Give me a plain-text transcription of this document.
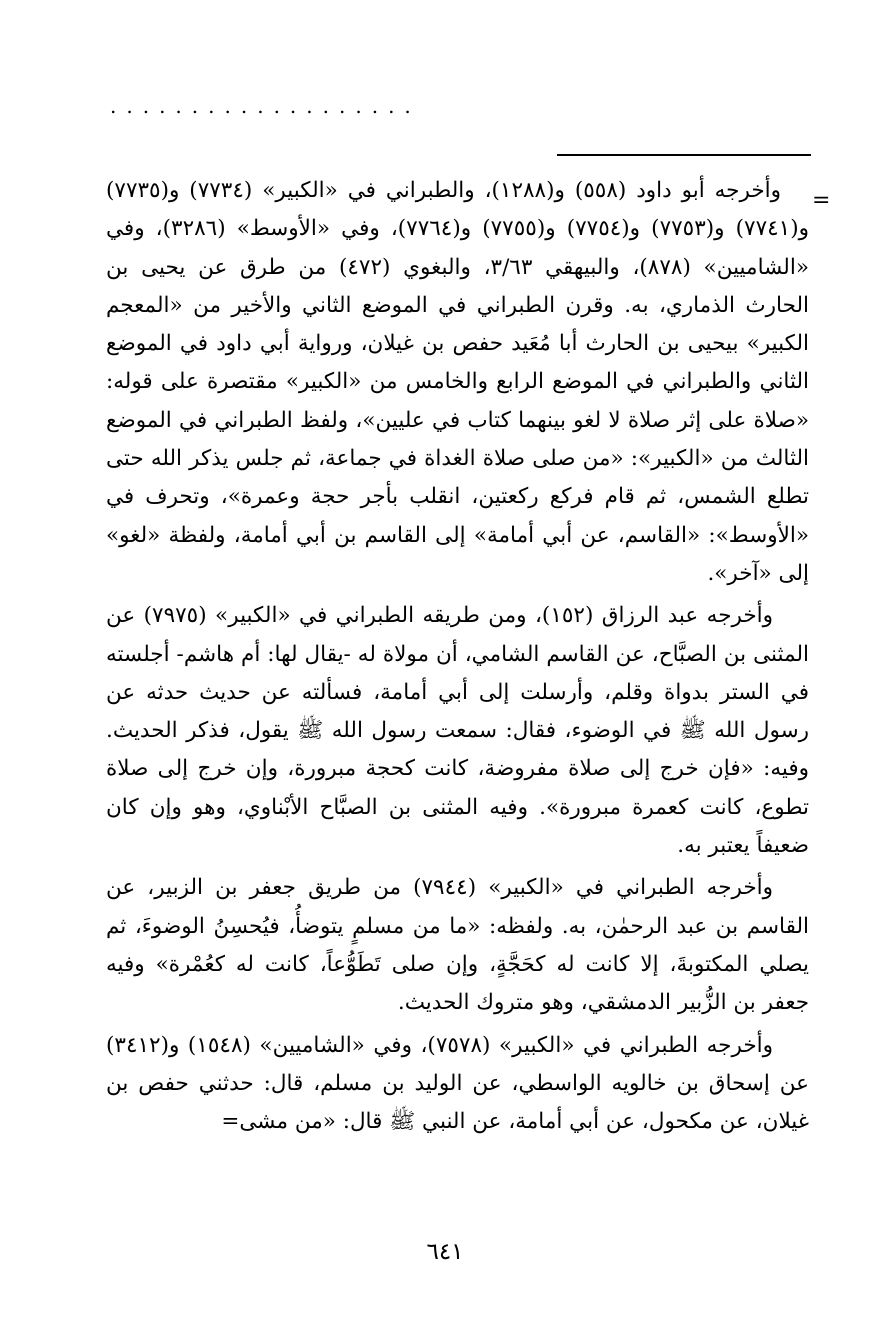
...................
=

وأخرجه أبو داود (٥٥٨) و(١٢٨٨)، والطبراني في «الكبير» (٧٧٣٤) و(٧٧٣٥) و(٧٧٤١) و(٧٧٥٣) و(٧٧٥٤) و(٧٧٥٥) و(٧٧٦٤)، وفي «الأوسط» (٣٢٨٦)، وفي «الشاميين» (٨٧٨)، والبيهقي ٣/٦٣، والبغوي (٤٧٢) من طرق عن يحيى بن الحارث الذماري، به. وقرن الطبراني في الموضع الثاني والأخير من «المعجم الكبير» بيحيى بن الحارث أبا مُعَيد حفص بن غيلان، ورواية أبي داود في الموضع الثاني والطبراني في الموضع الرابع والخامس من «الكبير» مقتصرة على قوله: «صلاة على إثر صلاة لا لغو بينهما كتاب في عليين»، ولفظ الطبراني في الموضع الثالث من «الكبير»: «من صلى صلاة الغداة في جماعة، ثم جلس يذكر الله حتى تطلع الشمس، ثم قام فركع ركعتين، انقلب بأجر حجة وعمرة»، وتحرف في «الأوسط»: «القاسم، عن أبي أمامة» إلى القاسم بن أبي أمامة، ولفظة «لغو» إلى «آخر».

وأخرجه عبد الرزاق (١٥٢)، ومن طريقه الطبراني في «الكبير» (٧٩٧٥) عن المثنى بن الصبَّاح، عن القاسم الشامي، أن مولاة له -يقال لها: أم هاشم- أجلسته في الستر بدواة وقلم، وأرسلت إلى أبي أمامة، فسألته عن حديث حدثه عن رسول الله ﷺ في الوضوء، فقال: سمعت رسول الله ﷺ يقول، فذكر الحديث. وفيه: «فإن خرج إلى صلاة مفروضة، كانت كحجة مبرورة، وإن خرج إلى صلاة تطوع، كانت كعمرة مبرورة». وفيه المثنى بن الصبَّاح الأبْناوي، وهو وإن كان ضعيفاً يعتبر به.

وأخرجه الطبراني في «الكبير» (٧٩٤٤) من طريق جعفر بن الزبير، عن القاسم بن عبد الرحمٰن، به. ولفظه: «ما من مسلمٍ يتوضأُ، فيُحسِنُ الوضوءَ، ثم يصلي المكتوبةَ، إلا كانت له كحَجَّةٍ، وإن صلى تَطَوُّعاً، كانت له كعُمْرة» وفيه جعفر بن الزُّبير الدمشقي، وهو متروك الحديث.

وأخرجه الطبراني في «الكبير» (٧٥٧٨)، وفي «الشاميين» (١٥٤٨) و(٣٤١٢) عن إسحاق بن خالويه الواسطي، عن الوليد بن مسلم، قال: حدثني حفص بن غيلان، عن مكحول، عن أبي أمامة، عن النبي ﷺ قال: «من مشى=

٦٤١
